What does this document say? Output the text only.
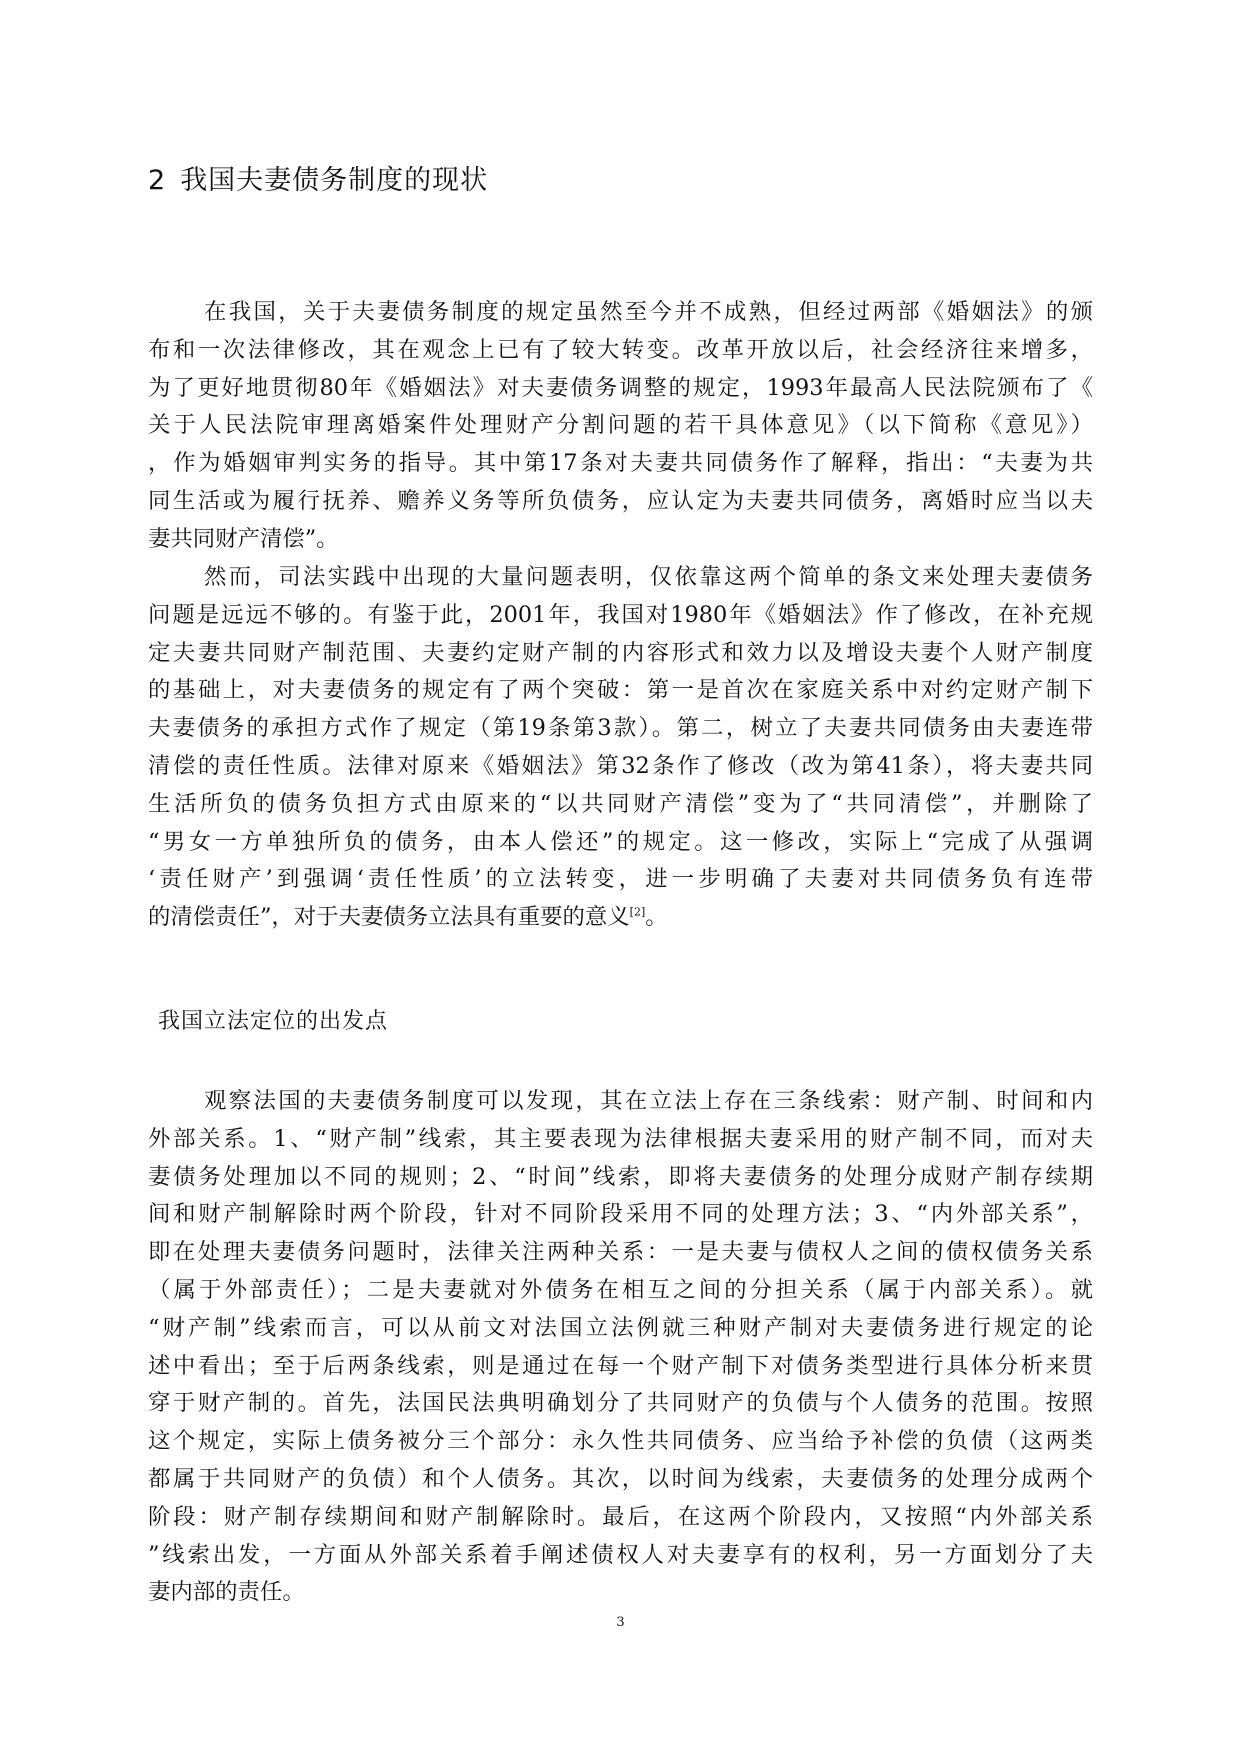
2 我国夫妻债务制度的现状
在我国，关于夫妻债务制度的规定虽然至今并不成熟，但经过两部《婚姻法》的颁
布和一次法律修改，其在观念上已有了较大转变。改革开放以后，社会经济往来增多，
为了更好地贯彻80年《婚姻法》对夫妻债务调整的规定，1993年最高人民法院颁布了《
关于人民法院审理离婚案件处理财产分割问题的若干具体意见》（以下简称《意见》）
，作为婚姻审判实务的指导。其中第17条对夫妻共同债务作了解释，指出：“夫妻为共
同生活或为履行抚养、赡养义务等所负债务，应认定为夫妻共同债务，离婚时应当以夫
妻共同财产清偿”。
然而，司法实践中出现的大量问题表明，仅依靠这两个简单的条文来处理夫妻债务
问题是远远不够的。有鉴于此，2001年，我国对1980年《婚姻法》作了修改，在补充规
定夫妻共同财产制范围、夫妻约定财产制的内容形式和效力以及增设夫妻个人财产制度
的基础上，对夫妻债务的规定有了两个突破：第一是首次在家庭关系中对约定财产制下
夫妻债务的承担方式作了规定（第19条第3款）。第二，树立了夫妻共同债务由夫妻连带
清偿的责任性质。法律对原来《婚姻法》第32条作了修改（改为第41条），将夫妻共同
生活所负的债务负担方式由原来的“以共同财产清偿”变为了“共同清偿”，并删除了
“男女一方单独所负的债务，由本人偿还”的规定。这一修改，实际上“完成了从强调
‘责任财产’到强调‘责任性质’的立法转变，进一步明确了夫妻对共同债务负有连带
的清偿责任”，对于夫妻债务立法具有重要的意义[2]。
我国立法定位的出发点
观察法国的夫妻债务制度可以发现，其在立法上存在三条线索：财产制、时间和内
外部关系。1、“财产制”线索，其主要表现为法律根据夫妻采用的财产制不同，而对夫
妻债务处理加以不同的规则；2、“时间”线索，即将夫妻债务的处理分成财产制存续期
间和财产制解除时两个阶段，针对不同阶段采用不同的处理方法；3、“内外部关系”，
即在处理夫妻债务问题时，法律关注两种关系：一是夫妻与债权人之间的债权债务关系
（属于外部责任）；二是夫妻就对外债务在相互之间的分担关系（属于内部关系）。就
“财产制”线索而言，可以从前文对法国立法例就三种财产制对夫妻债务进行规定的论
述中看出；至于后两条线索，则是通过在每一个财产制下对债务类型进行具体分析来贯
穿于财产制的。首先，法国民法典明确划分了共同财产的负债与个人债务的范围。按照
这个规定，实际上债务被分三个部分：永久性共同债务、应当给予补偿的负债（这两类
都属于共同财产的负债）和个人债务。其次，以时间为线索，夫妻债务的处理分成两个
阶段：财产制存续期间和财产制解除时。最后，在这两个阶段内，又按照“内外部关系
”线索出发，一方面从外部关系着手阐述债权人对夫妻享有的权利，另一方面划分了夫
妻内部的责任。
3
